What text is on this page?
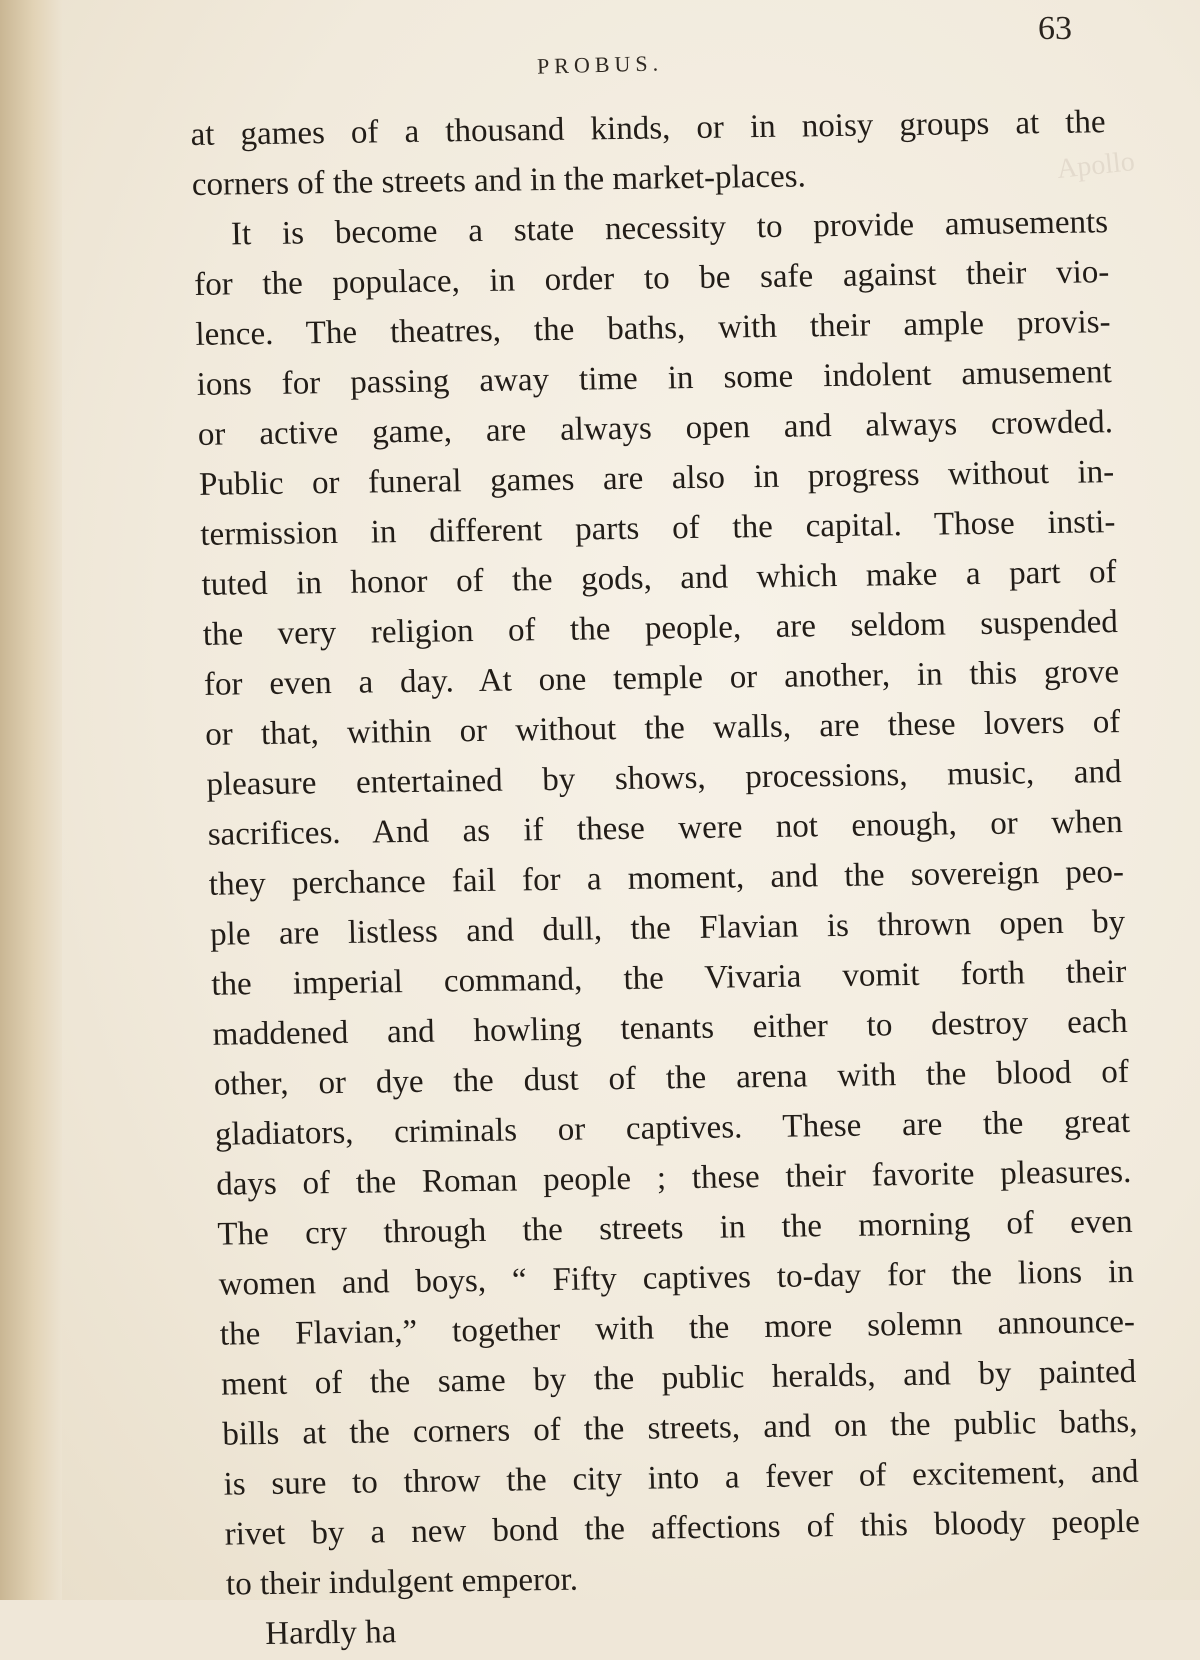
Apollo
63
PROBUS.
at games of a thousand kinds, or in noisy groups at the
corners of the streets and in the market-places.
It is become a state necessity to provide amusements
for the populace, in order to be safe against their vio-
lence. The theatres, the baths, with their ample provis-
ions for passing away time in some indolent amusement
or active game, are always open and always crowded.
Public or funeral games are also in progress without in-
termission in different parts of the capital. Those insti-
tuted in honor of the gods, and which make a part of
the very religion of the people, are seldom suspended
for even a day. At one temple or another, in this grove
or that, within or without the walls, are these lovers of
pleasure entertained by shows, processions, music, and
sacrifices. And as if these were not enough, or when
they perchance fail for a moment, and the sovereign peo-
ple are listless and dull, the Flavian is thrown open by
the imperial command, the Vivaria vomit forth their
maddened and howling tenants either to destroy each
other, or dye the dust of the arena with the blood of
gladiators, criminals or captives. These are the great
days of the Roman people ; these their favorite pleasures.
The cry through the streets in the morning of even
women and boys, “ Fifty captives to-day for the lions in
the Flavian,” together with the more solemn announce-
ment of the same by the public heralds, and by painted
bills at the corners of the streets, and on the public baths,
is sure to throw the city into a fever of excitement, and
rivet by a new bond the affections of this bloody people
to their indulgent emperor.
Hardly ha
